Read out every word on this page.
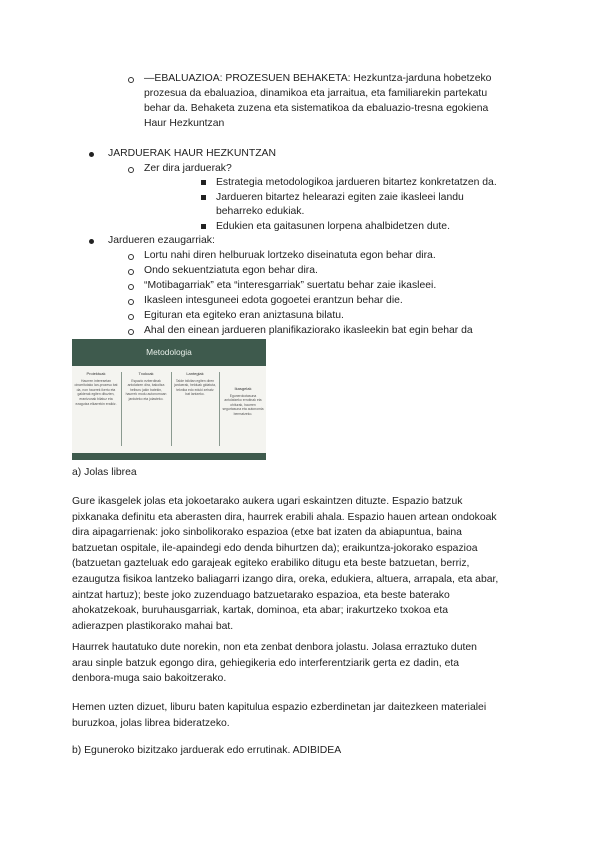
—EBALUAZIOA: PROZESUEN BEHAKETA: Hezkuntza-jarduna hobetzeko
prozesua da ebaluazioa, dinamikoa eta jarraitua, eta familiarekin partekatu
behar da. Behaketa zuzena eta sistematikoa da ebaluazio-tresna egokiena
Haur Hezkuntzan
JARDUERAK HAUR HEZKUNTZAN
Zer dira jarduerak?
Estrategia metodologikoa jardueren bitartez konkretatzen da.
Jardueren bitartez helearazi egiten zaie ikasleei landu
beharreko edukiak.
Edukien eta gaitasunen lorpena ahalbidetzen dute.
Jardueren ezaugarriak:
Lortu nahi diren helburuak lortzeko diseinatuta egon behar dira.
Ondo sekuentziatuta egon behar dira.
“Motibagarriak” eta “interesgarriak” suertatu behar zaie ikasleei.
Ikasleen intesguneei edota gogoetei erantzun behar die.
Egituran eta egiteko eran aniztasuna bilatu.
Ahal den einean jardueren planifikaziorako ikasleekin bat egin behar da
Metodologia
Proiektuak
Haurren interesetan oinarritutako lan-prozesu bat da, non haurrek ikertu eta galderak egiten dituzten, erantzunak bilatuz eta ezagutza elkarrekin eraikiz.
Txokoak
Espazio ezberdinak antolatzen dira, bakoitza helburu jakin batekin, haurrek modu autonomoan jarduteko eta jolasteko.
Lantegiak
Talde txikitan egiten diren jarduerak, helduak gidatuta, teknika edo eduki zehatz bat lantzeko.
Ikasgelak
Egunerokotasuna antolatzeko errutinak eta ohiturak, haurren segurtasuna eta autonomia bermatzeko.
a) Jolas librea
Gure ikasgelek jolas eta jokoetarako aukera ugari eskaintzen dituzte. Espazio batzuk
pixkanaka definitu eta aberasten dira, haurrek erabili ahala. Espazio hauen artean ondokoak
dira aipagarrienak: joko sinbolikorako espazioa (etxe bat izaten da abiapuntua, baina
batzuetan ospitale, ile-apaindegi edo denda bihurtzen da); eraikuntza-jokorako espazioa
(batzuetan gazteluak edo garajeak egiteko erabiliko ditugu eta beste batzuetan, berriz,
ezaugutza fisikoa lantzeko baliagarri izango dira, oreka, edukiera, altuera, arrapala, eta abar,
aintzat hartuz); beste joko zuzenduago batzuetarako espazioa, eta beste baterako
ahokatzekoak, buruhausgarriak, kartak, dominoa, eta abar; irakurtzeko txokoa eta
adierazpen plastikorako mahai bat.
Haurrek hautatuko dute norekin, non eta zenbat denbora jolastu. Jolasa erraztuko duten
arau sinple batzuk egongo dira, gehiegikeria edo interferentziarik gerta ez dadin, eta
denbora-muga saio bakoitzerako.
Hemen uzten dizuet, liburu baten kapitulua espazio ezberdinetan jar daitezkeen materialei
buruzkoa, jolas librea bideratzeko.
b) Eguneroko bizitzako jarduerak edo errutinak. ADIBIDEA
